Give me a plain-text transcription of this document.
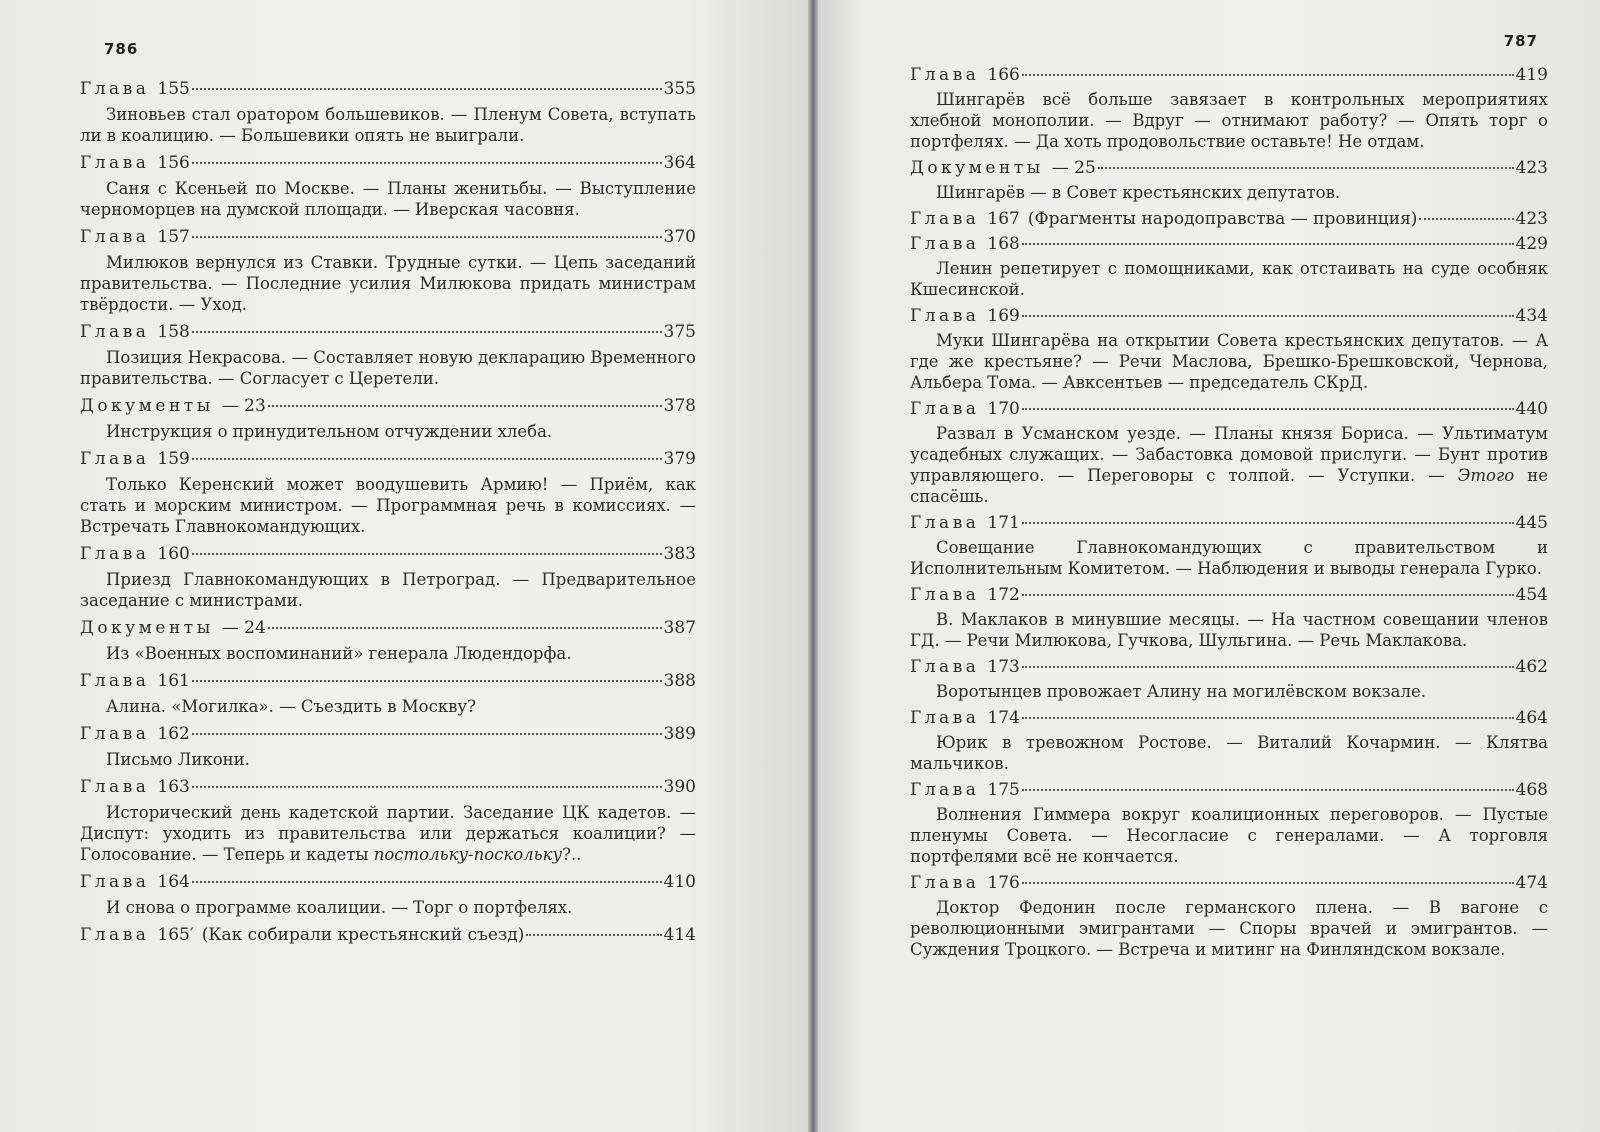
786
Глава 155	355
Зиновьев стал оратором большевиков. — Пленум Совета, вступать ли в коалицию. — Большевики опять не выиграли.
Глава 156	364
Саня с Ксеньей по Москве. — Планы женитьбы. — Выступление черноморцев на думской площади. — Иверская часовня.
Глава 157	370
Милюков вернулся из Ставки. Трудные сутки. — Цепь заседаний правительства. — Последние усилия Милюкова придать министрам твёрдости. — Уход.
Глава 158	375
Позиция Некрасова. — Составляет новую декларацию Временного правительства. — Согласует с Церетели.
Документы — 23	378
Инструкция о принудительном отчуждении хлеба.
Глава 159	379
Только Керенский может воодушевить Армию! — Приём, как стать и морским министром. — Программная речь в комиссиях. — Встречать Главнокомандующих.
Глава 160	383
Приезд Главнокомандующих в Петроград. — Предварительное заседание с министрами.
Документы — 24	387
Из «Военных воспоминаний» генерала Людендорфа.
Глава 161	388
Алина. «Могилка». — Съездить в Москву?
Глава 162	389
Письмо Ликони.
Глава 163	390
Исторический день кадетской партии. Заседание ЦК кадетов. — Диспут: уходить из правительства или держаться коалиции? — Голосование. — Теперь и кадеты постольку-поскольку?..
Глава 164	410
И снова о программе коалиции. — Торг о портфелях.
Глава 165′ (Как собирали крестьянский съезд)	414
787
Глава 166	419
Шингарёв всё больше завязает в контрольных мероприятиях хлебной монополии. — Вдруг — отнимают работу? — Опять торг о портфелях. — Да хоть продовольствие оставьте! Не отдам.
Документы — 25	423
Шингарёв — в Совет крестьянских депутатов.
Глава 167 (Фрагменты народоправства — провинция)	423
Глава 168	429
Ленин репетирует с помощниками, как отстаивать на суде особняк Кшесинской.
Глава 169	434
Муки Шингарёва на открытии Совета крестьянских депутатов. — А где же крестьяне? — Речи Маслова, Брешко-Брешковской, Чернова, Альбера Тома. — Авксентьев — председатель СКрД.
Глава 170	440
Развал в Усманском уезде. — Планы князя Бориса. — Ультиматум усадебных служащих. — Забастовка домовой прислуги. — Бунт против управляющего. — Переговоры с толпой. — Уступки. — Этого не спасёшь.
Глава 171	445
Совещание Главнокомандующих с правительством и Исполнительным Комитетом. — Наблюдения и выводы генерала Гурко.
Глава 172	454
В. Маклаков в минувшие месяцы. — На частном совещании членов ГД. — Речи Милюкова, Гучкова, Шульгина. — Речь Маклакова.
Глава 173	462
Воротынцев провожает Алину на могилёвском вокзале.
Глава 174	464
Юрик в тревожном Ростове. — Виталий Кочармин. — Клятва мальчиков.
Глава 175	468
Волнения Гиммера вокруг коалиционных переговоров. — Пустые пленумы Совета. — Несогласие с генералами. — А торговля портфелями всё не кончается.
Глава 176	474
Доктор Федонин после германского плена. — В вагоне с революционными эмигрантами — Споры врачей и эмигрантов. — Суждения Троцкого. — Встреча и митинг на Финляндском вокзале.
